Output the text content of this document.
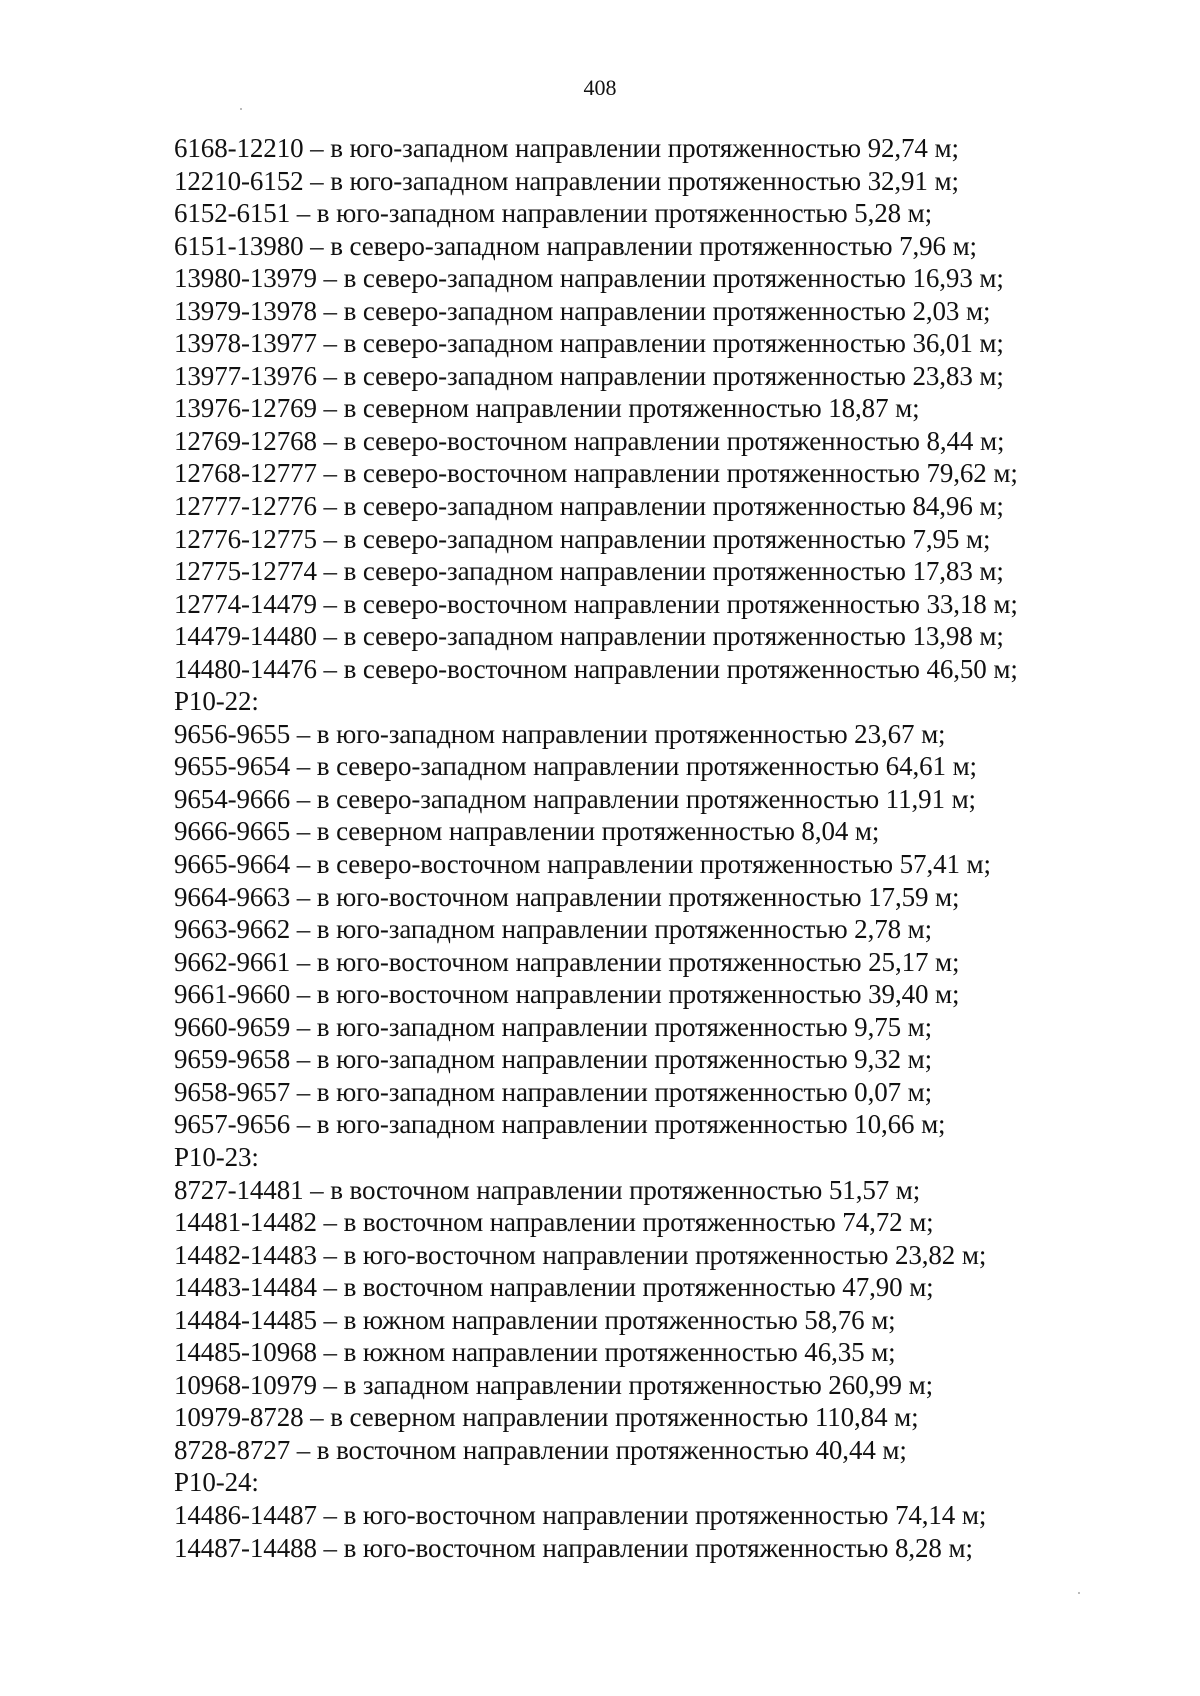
408
6168-12210 – в юго-западном направлении протяженностью 92,74 м;
12210-6152 – в юго-западном направлении протяженностью 32,91 м;
6152-6151 – в юго-западном направлении протяженностью 5,28 м;
6151-13980 – в северо-западном направлении протяженностью 7,96 м;
13980-13979 – в северо-западном направлении протяженностью 16,93 м;
13979-13978 – в северо-западном направлении протяженностью 2,03 м;
13978-13977 – в северо-западном направлении протяженностью 36,01 м;
13977-13976 – в северо-западном направлении протяженностью 23,83 м;
13976-12769 – в северном направлении протяженностью 18,87 м;
12769-12768 – в северо-восточном направлении протяженностью 8,44 м;
12768-12777 – в северо-восточном направлении протяженностью 79,62 м;
12777-12776 – в северо-западном направлении протяженностью 84,96 м;
12776-12775 – в северо-западном направлении протяженностью 7,95 м;
12775-12774 – в северо-западном направлении протяженностью 17,83 м;
12774-14479 – в северо-восточном направлении протяженностью 33,18 м;
14479-14480 – в северо-западном направлении протяженностью 13,98 м;
14480-14476 – в северо-восточном направлении протяженностью 46,50 м;
Р10-22:
9656-9655 – в юго-западном направлении протяженностью 23,67 м;
9655-9654 – в северо-западном направлении протяженностью 64,61 м;
9654-9666 – в северо-западном направлении протяженностью 11,91 м;
9666-9665 – в северном направлении протяженностью 8,04 м;
9665-9664 – в северо-восточном направлении протяженностью 57,41 м;
9664-9663 – в юго-восточном направлении протяженностью 17,59 м;
9663-9662 – в юго-западном направлении протяженностью 2,78 м;
9662-9661 – в юго-восточном направлении протяженностью 25,17 м;
9661-9660 – в юго-восточном направлении протяженностью 39,40 м;
9660-9659 – в юго-западном направлении протяженностью 9,75 м;
9659-9658 – в юго-западном направлении протяженностью 9,32 м;
9658-9657 – в юго-западном направлении протяженностью 0,07 м;
9657-9656 – в юго-западном направлении протяженностью 10,66 м;
Р10-23:
8727-14481 – в восточном направлении протяженностью 51,57 м;
14481-14482 – в восточном направлении протяженностью 74,72 м;
14482-14483 – в юго-восточном направлении протяженностью 23,82 м;
14483-14484 – в восточном направлении протяженностью 47,90 м;
14484-14485 – в южном направлении протяженностью 58,76 м;
14485-10968 – в южном направлении протяженностью 46,35 м;
10968-10979 – в западном направлении протяженностью 260,99 м;
10979-8728 – в северном направлении протяженностью 110,84 м;
8728-8727 – в восточном направлении протяженностью 40,44 м;
Р10-24:
14486-14487 – в юго-восточном направлении протяженностью 74,14 м;
14487-14488 – в юго-восточном направлении протяженностью 8,28 м;
